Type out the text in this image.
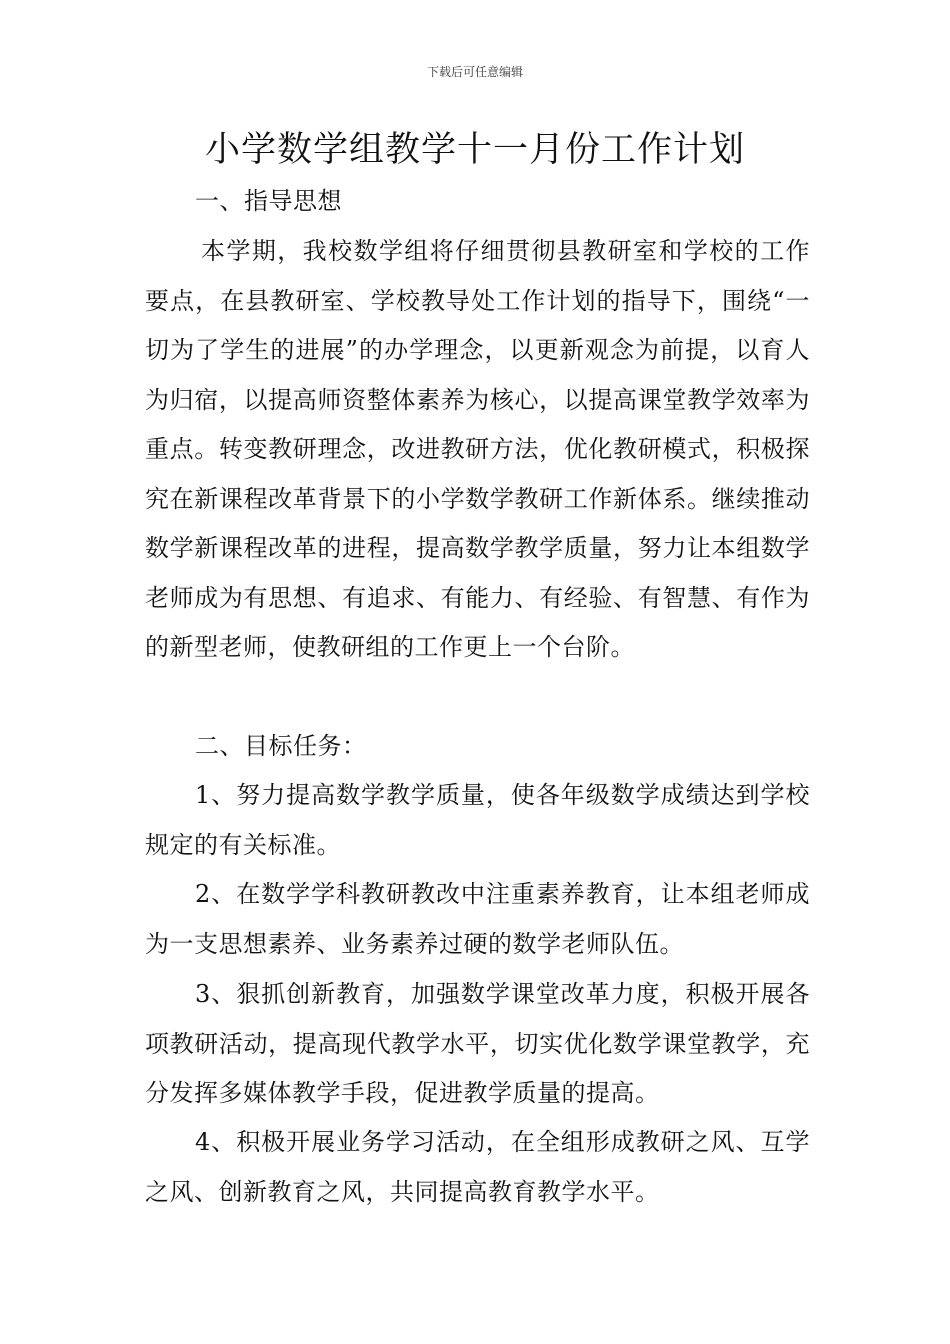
下载后可任意编辑
小学数学组教学十一月份工作计划

一、指导思想

本学期，我校数学组将仔细贯彻县教研室和学校的工作要点，在县教研室、学校教导处工作计划的指导下，围绕“一切为了学生的进展”的办学理念，以更新观念为前提，以育人为归宿，以提高师资整体素养为核心，以提高课堂教学效率为重点。转变教研理念，改进教研方法，优化教研模式，积极探究在新课程改革背景下的小学数学教研工作新体系。继续推动数学新课程改革的进程，提高数学教学质量，努力让本组数学老师成为有思想、有追求、有能力、有经验、有智慧、有作为的新型老师，使教研组的工作更上一个台阶。

二、目标任务：

1、努力提高数学教学质量，使各年级数学成绩达到学校规定的有关标准。

2、在数学学科教研教改中注重素养教育，让本组老师成为一支思想素养、业务素养过硬的数学老师队伍。

3、狠抓创新教育，加强数学课堂改革力度，积极开展各项教研活动，提高现代教学水平，切实优化数学课堂教学，充分发挥多媒体教学手段，促进教学质量的提高。

4、积极开展业务学习活动，在全组形成教研之风、互学之风、创新教育之风，共同提高教育教学水平。
